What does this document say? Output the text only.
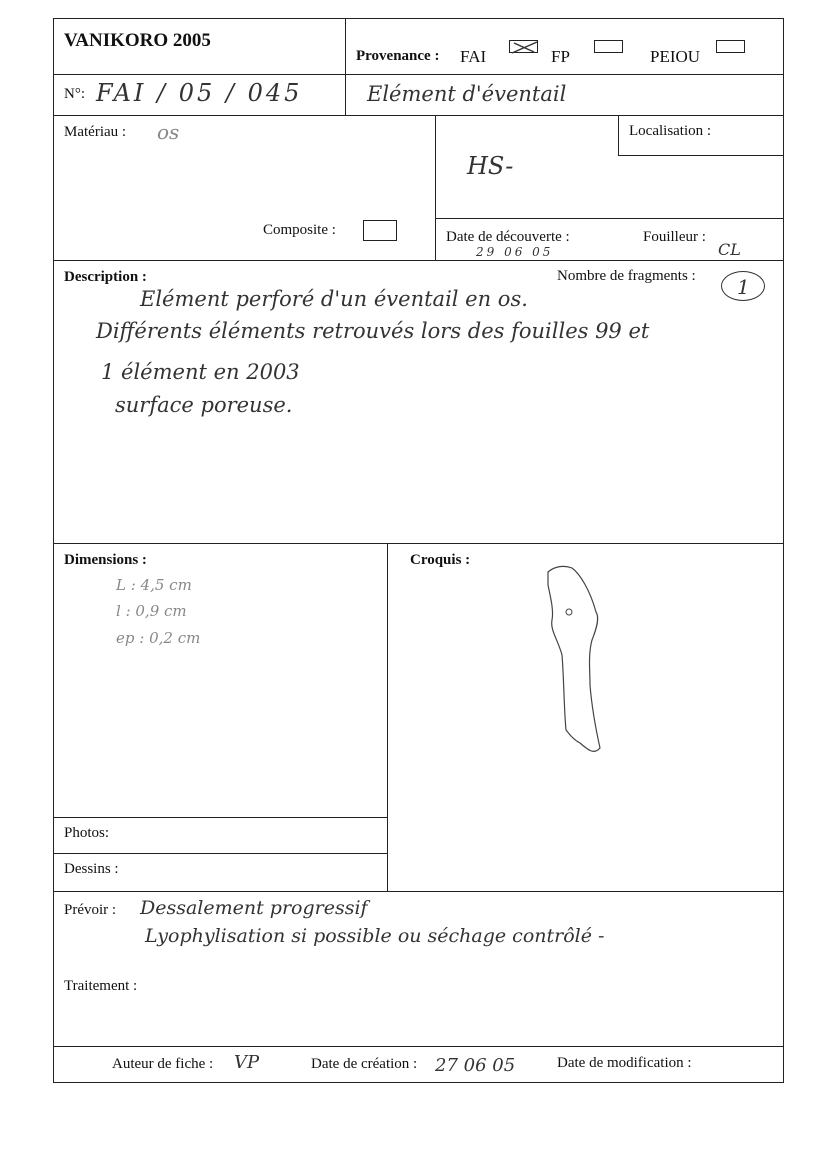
VANIKORO 2005
Provenance : FAI	FP	PEIOU
N°: FAI / 05 / 045	Elément d'éventail
Matériau : os
Composite :
Localisation :
HS-
Date de découverte :
29 06 05
Fouilleur :
CL
Description :	Nombre de fragments : 1
Elément perforé d'un éventail en os.
Différents éléments retrouvés lors des fouilles 99 et
1 élément en 2003
surface poreuse.
Dimensions :
L : 4,5 cm
l : 0,9 cm
ep : 0,2 cm
Croquis :
Photos:
Dessins :
Prévoir : Dessalement progressif
Lyophylisation si possible ou séchage contrôlé -
Traitement :
Auteur de fiche : VP	Date de création : 27 06 05	Date de modification :
